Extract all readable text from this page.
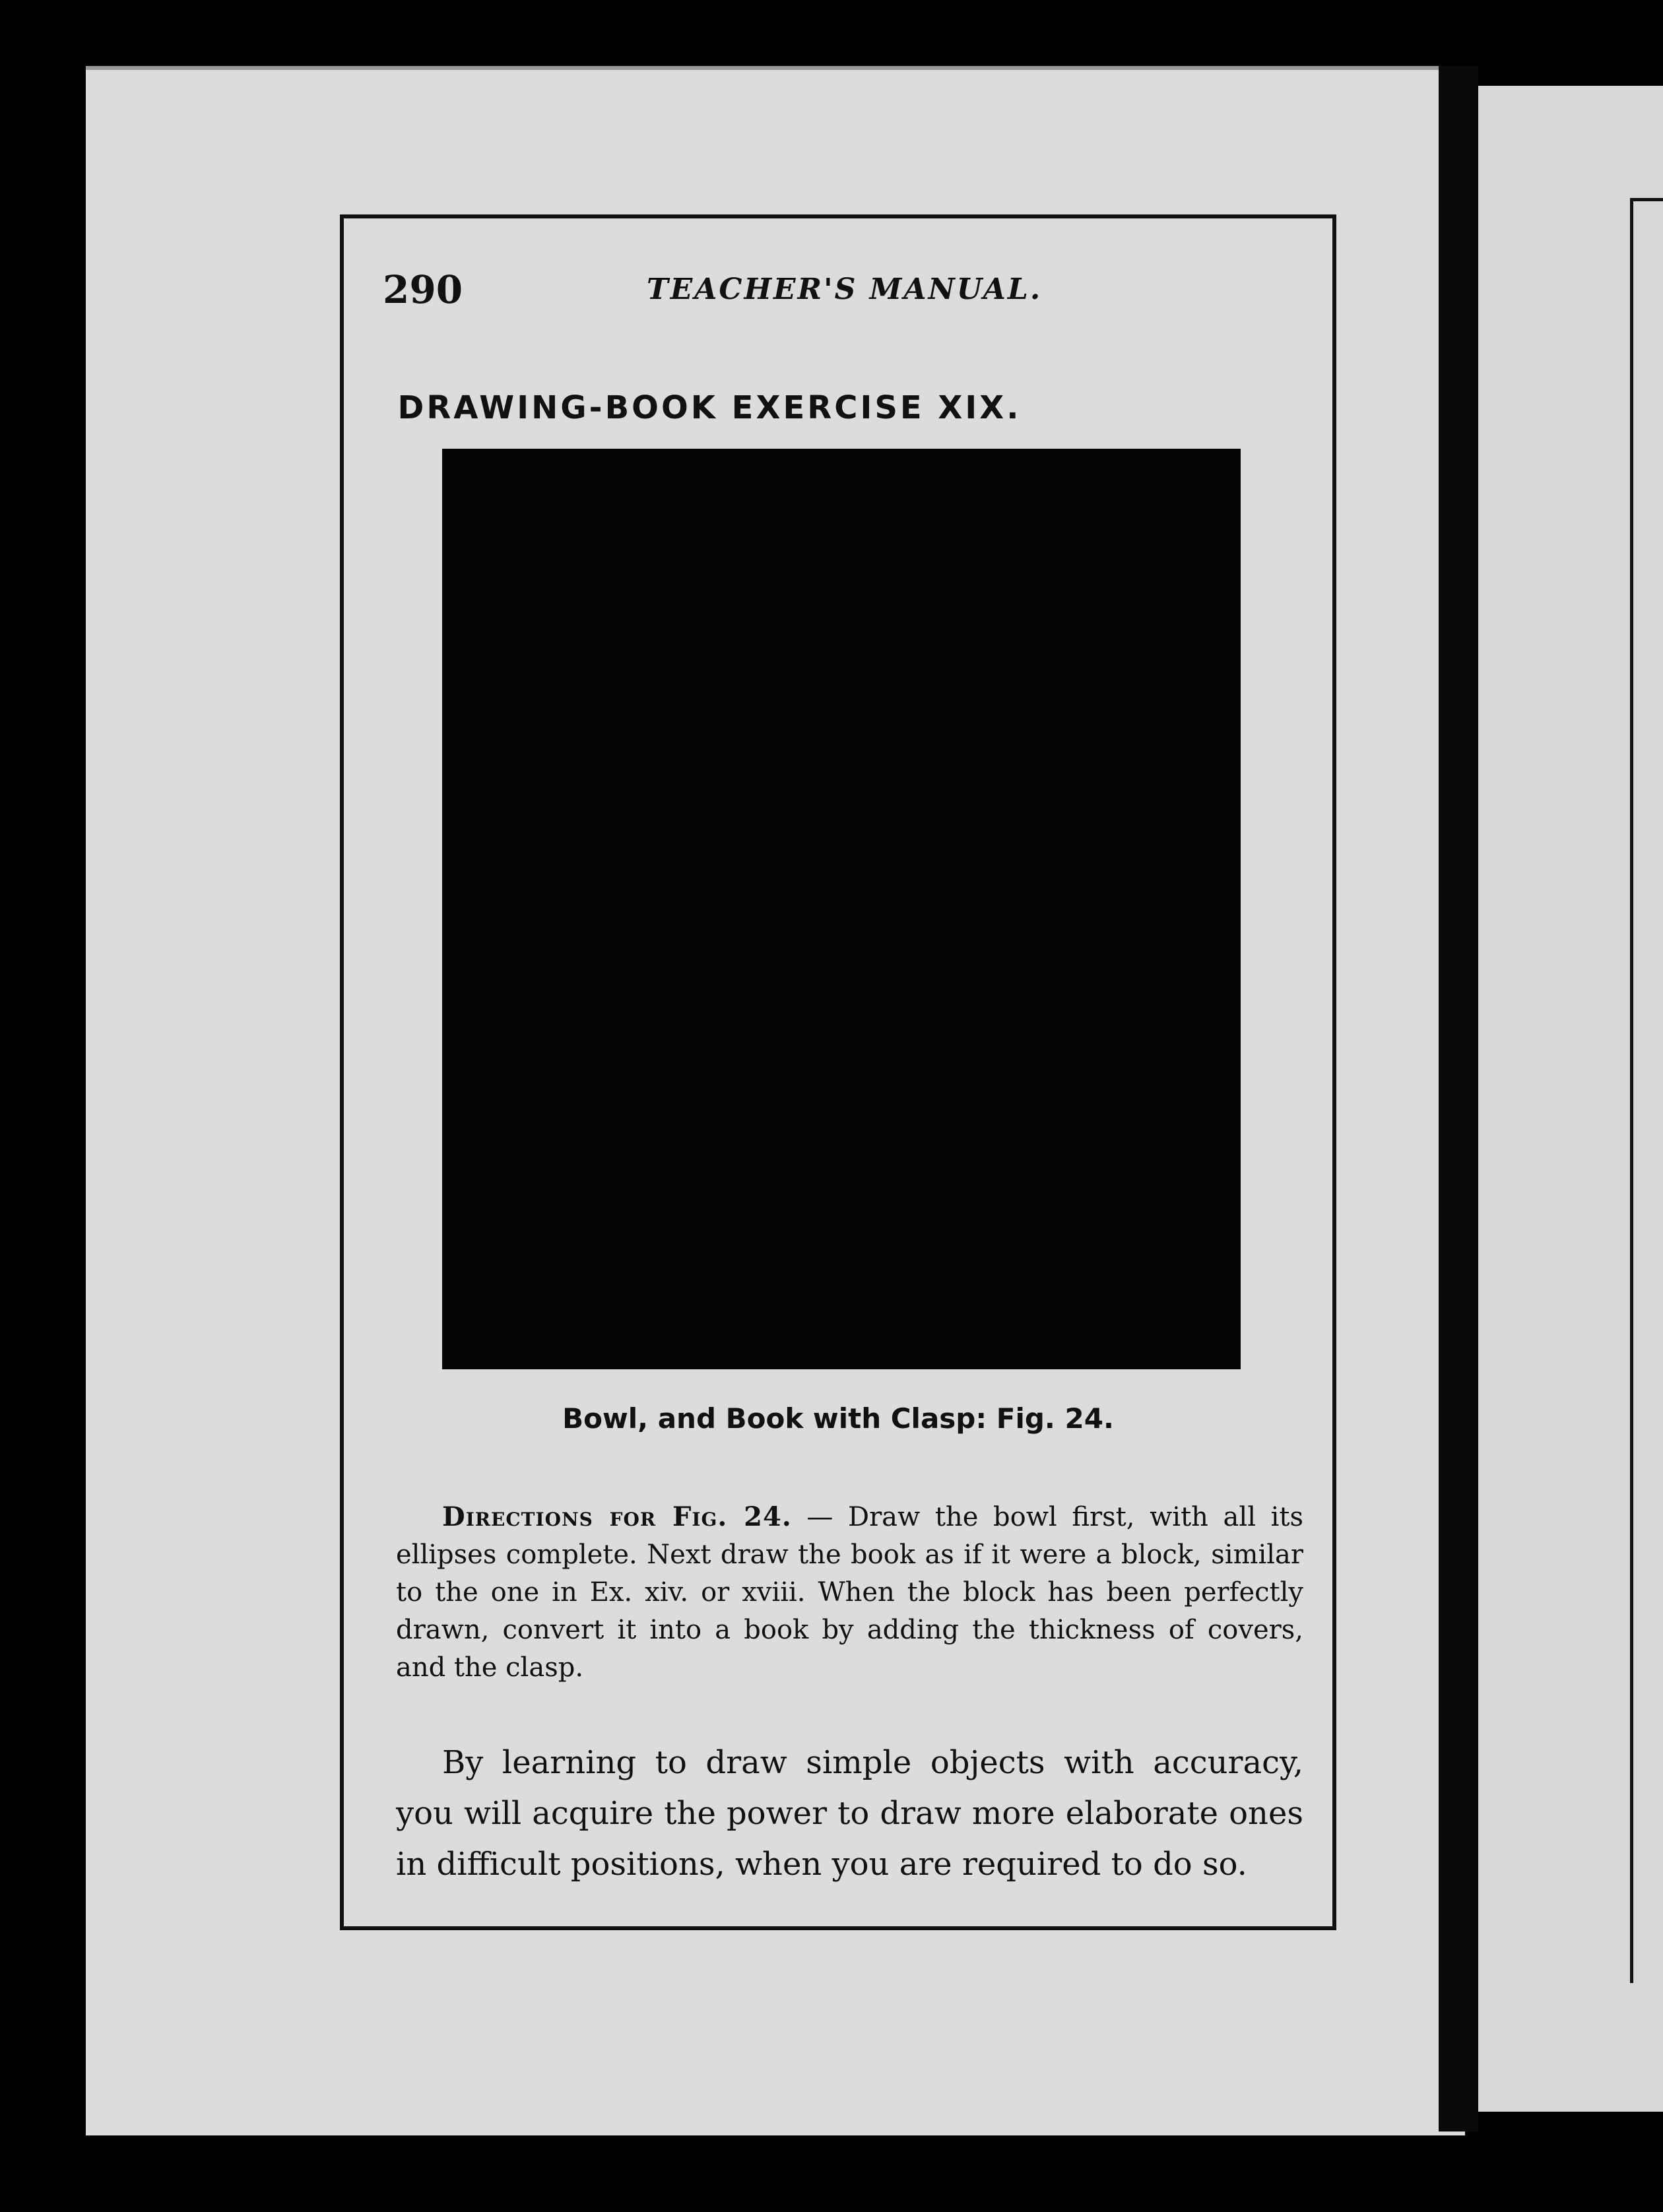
290	TEACHER'S MANUAL.
DRAWING-BOOK EXERCISE XIX.
Bowl, and Book with Clasp: Fig. 24.

Directions for Fig. 24. — Draw the bowl first, with all its ellipses complete. Next draw the book as if it were a block, similar to the one in Ex. xiv. or xviii. When the block has been perfectly drawn, convert it into a book by adding the thickness of covers, and the clasp.

By learning to draw simple objects with accuracy, you will acquire the power to draw more elaborate ones in difficult positions, when you are required to do so.
